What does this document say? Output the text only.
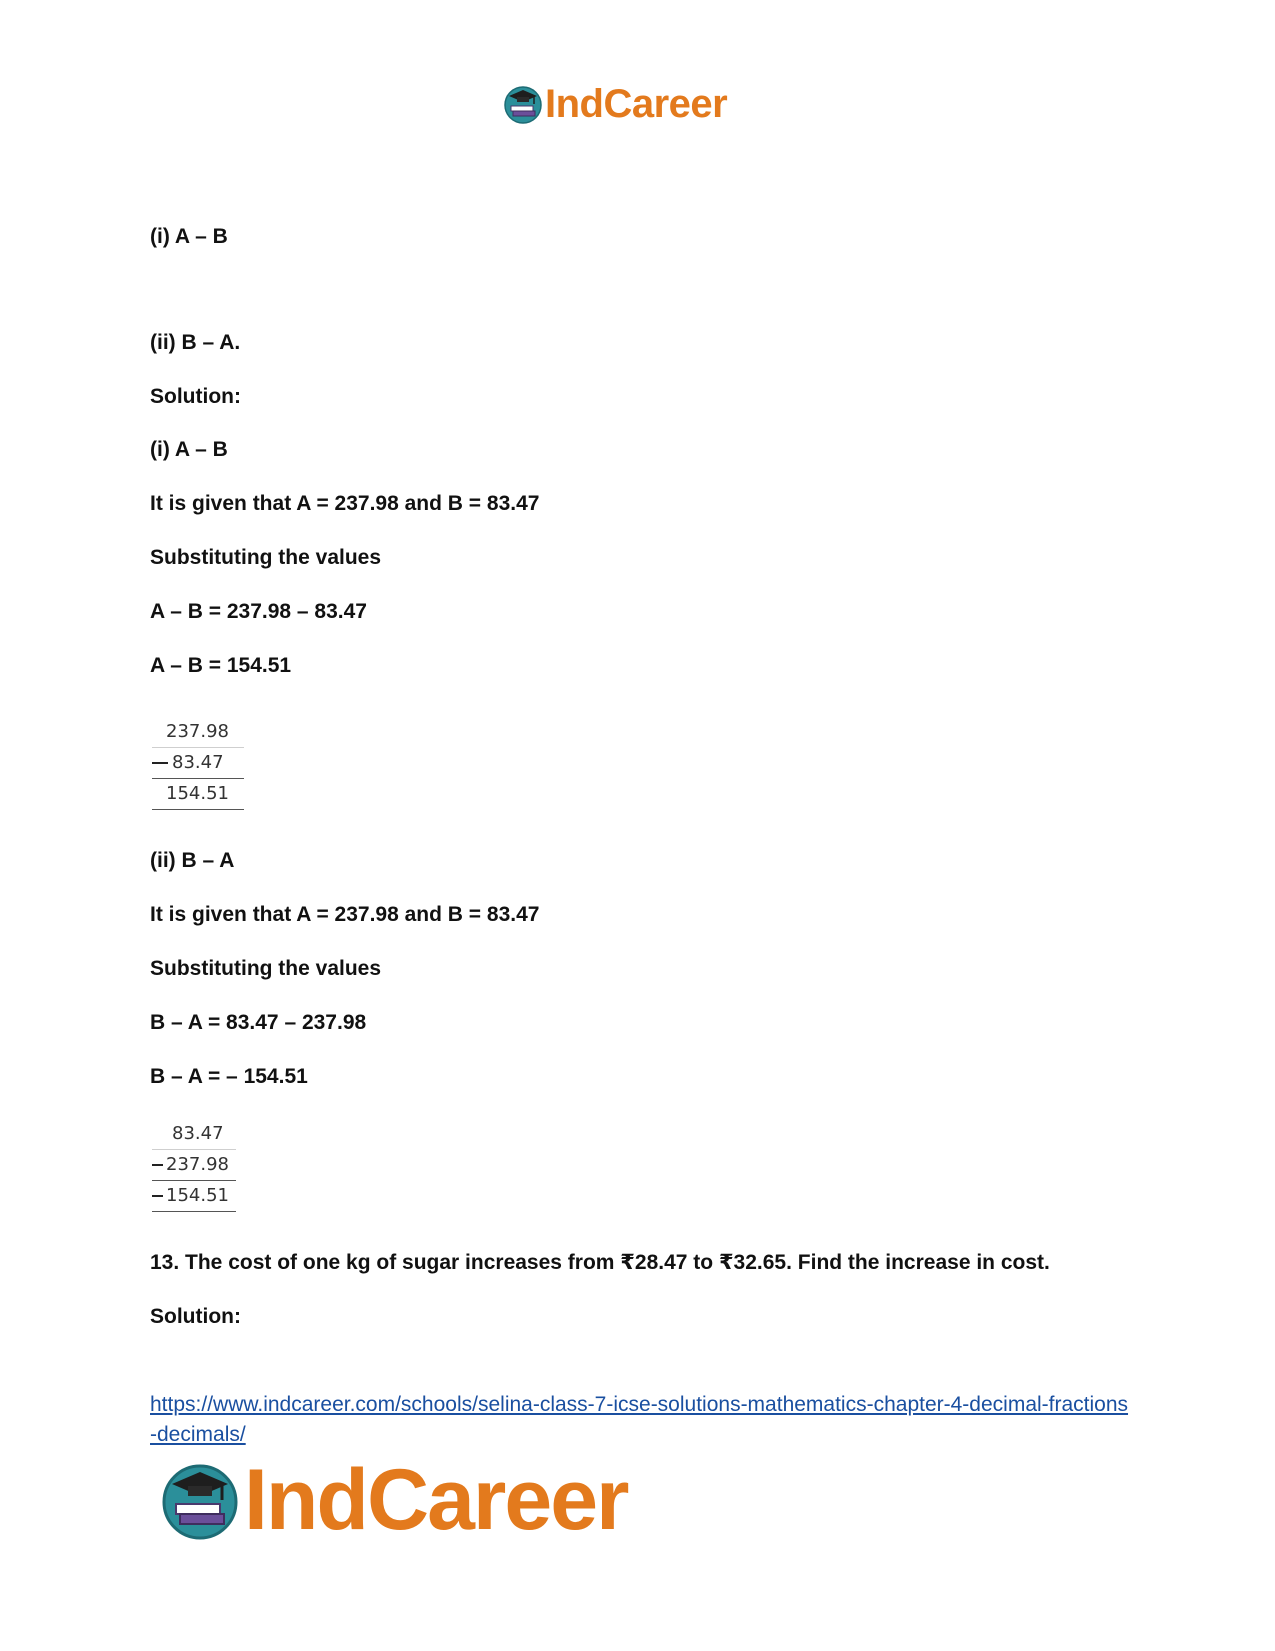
IndCareer
(i) A – B
(ii) B – A.
Solution:
(i) A – B
It is given that A = 237.98 and B = 83.47
Substituting the values
A – B = 237.98 – 83.47
A – B = 154.51
237.98
83.47
154.51
(ii) B – A
It is given that A = 237.98 and B = 83.47
Substituting the values
B – A = 83.47 – 237.98
B – A = – 154.51
83.47
237.98
154.51
13. The cost of one kg of sugar increases from ₹28.47 to ₹32.65. Find the increase in cost.
Solution:
https://www.indcareer.com/schools/selina-class-7-icse-solutions-mathematics-chapter-4-decimal-fractions-decimals/
IndCareer
